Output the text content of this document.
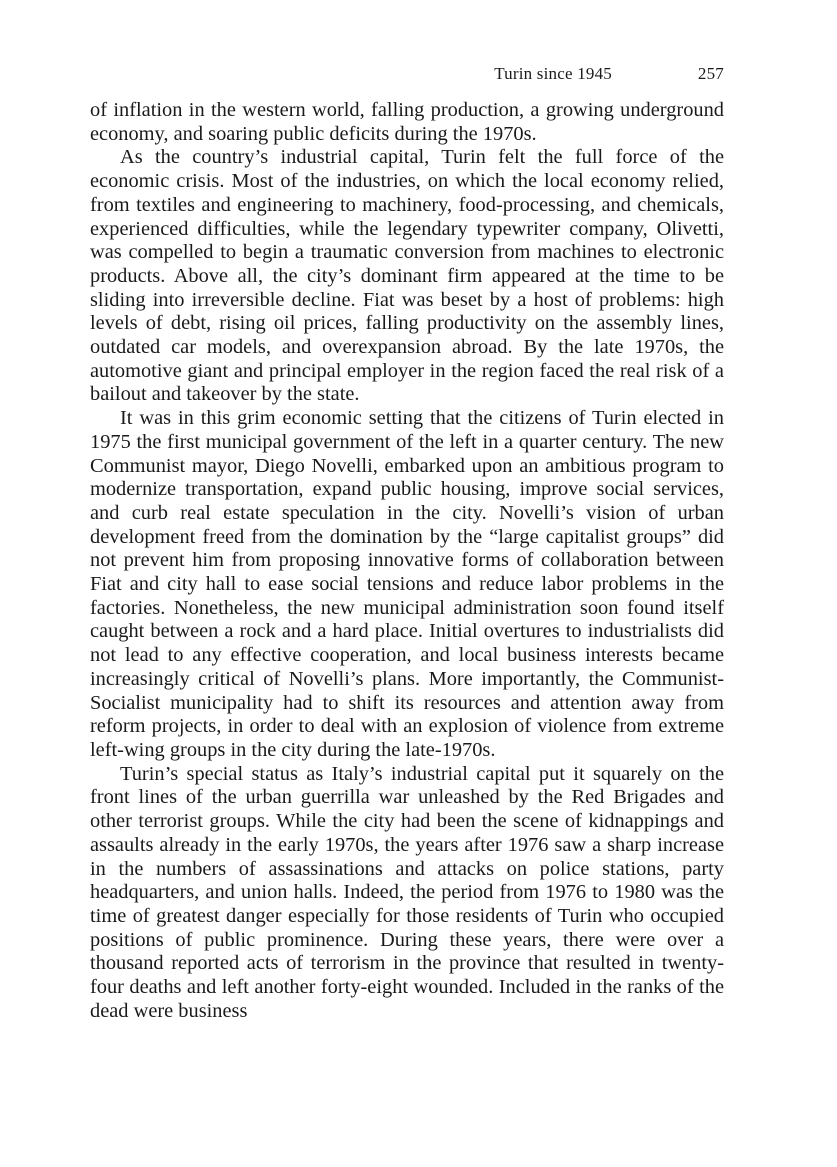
Turin since 1945	257

of inflation in the western world, falling production, a growing underground economy, and soaring public deficits during the 1970s.

As the country’s industrial capital, Turin felt the full force of the economic crisis. Most of the industries, on which the local economy relied, from textiles and engineering to machinery, food-processing, and chemicals, experienced difficulties, while the legendary typewriter company, Olivetti, was compelled to begin a traumatic conversion from machines to electronic products. Above all, the city’s dominant firm appeared at the time to be sliding into irreversible decline. Fiat was beset by a host of problems: high levels of debt, rising oil prices, falling productivity on the assembly lines, outdated car models, and overexpansion abroad. By the late 1970s, the automotive giant and principal employer in the region faced the real risk of a bailout and takeover by the state.

It was in this grim economic setting that the citizens of Turin elected in 1975 the first municipal government of the left in a quarter century. The new Communist mayor, Diego Novelli, embarked upon an ambitious program to modernize transportation, expand public housing, improve social services, and curb real estate speculation in the city. Novelli’s vision of urban development freed from the domination by the “large capitalist groups” did not prevent him from proposing innovative forms of collaboration between Fiat and city hall to ease social tensions and reduce labor problems in the factories. Nonetheless, the new municipal administration soon found itself caught between a rock and a hard place. Initial overtures to industrialists did not lead to any effective cooperation, and local business interests became increasingly critical of Novelli’s plans. More importantly, the Communist-Socialist municipality had to shift its resources and attention away from reform projects, in order to deal with an explosion of violence from extreme left-wing groups in the city during the late-1970s.

Turin’s special status as Italy’s industrial capital put it squarely on the front lines of the urban guerrilla war unleashed by the Red Brigades and other terrorist groups. While the city had been the scene of kidnappings and assaults already in the early 1970s, the years after 1976 saw a sharp increase in the numbers of assassinations and attacks on police stations, party headquarters, and union halls. Indeed, the period from 1976 to 1980 was the time of greatest danger especially for those residents of Turin who occupied positions of public prominence. During these years, there were over a thousand reported acts of terrorism in the province that resulted in twenty-four deaths and left another forty-eight wounded. Included in the ranks of the dead were business
